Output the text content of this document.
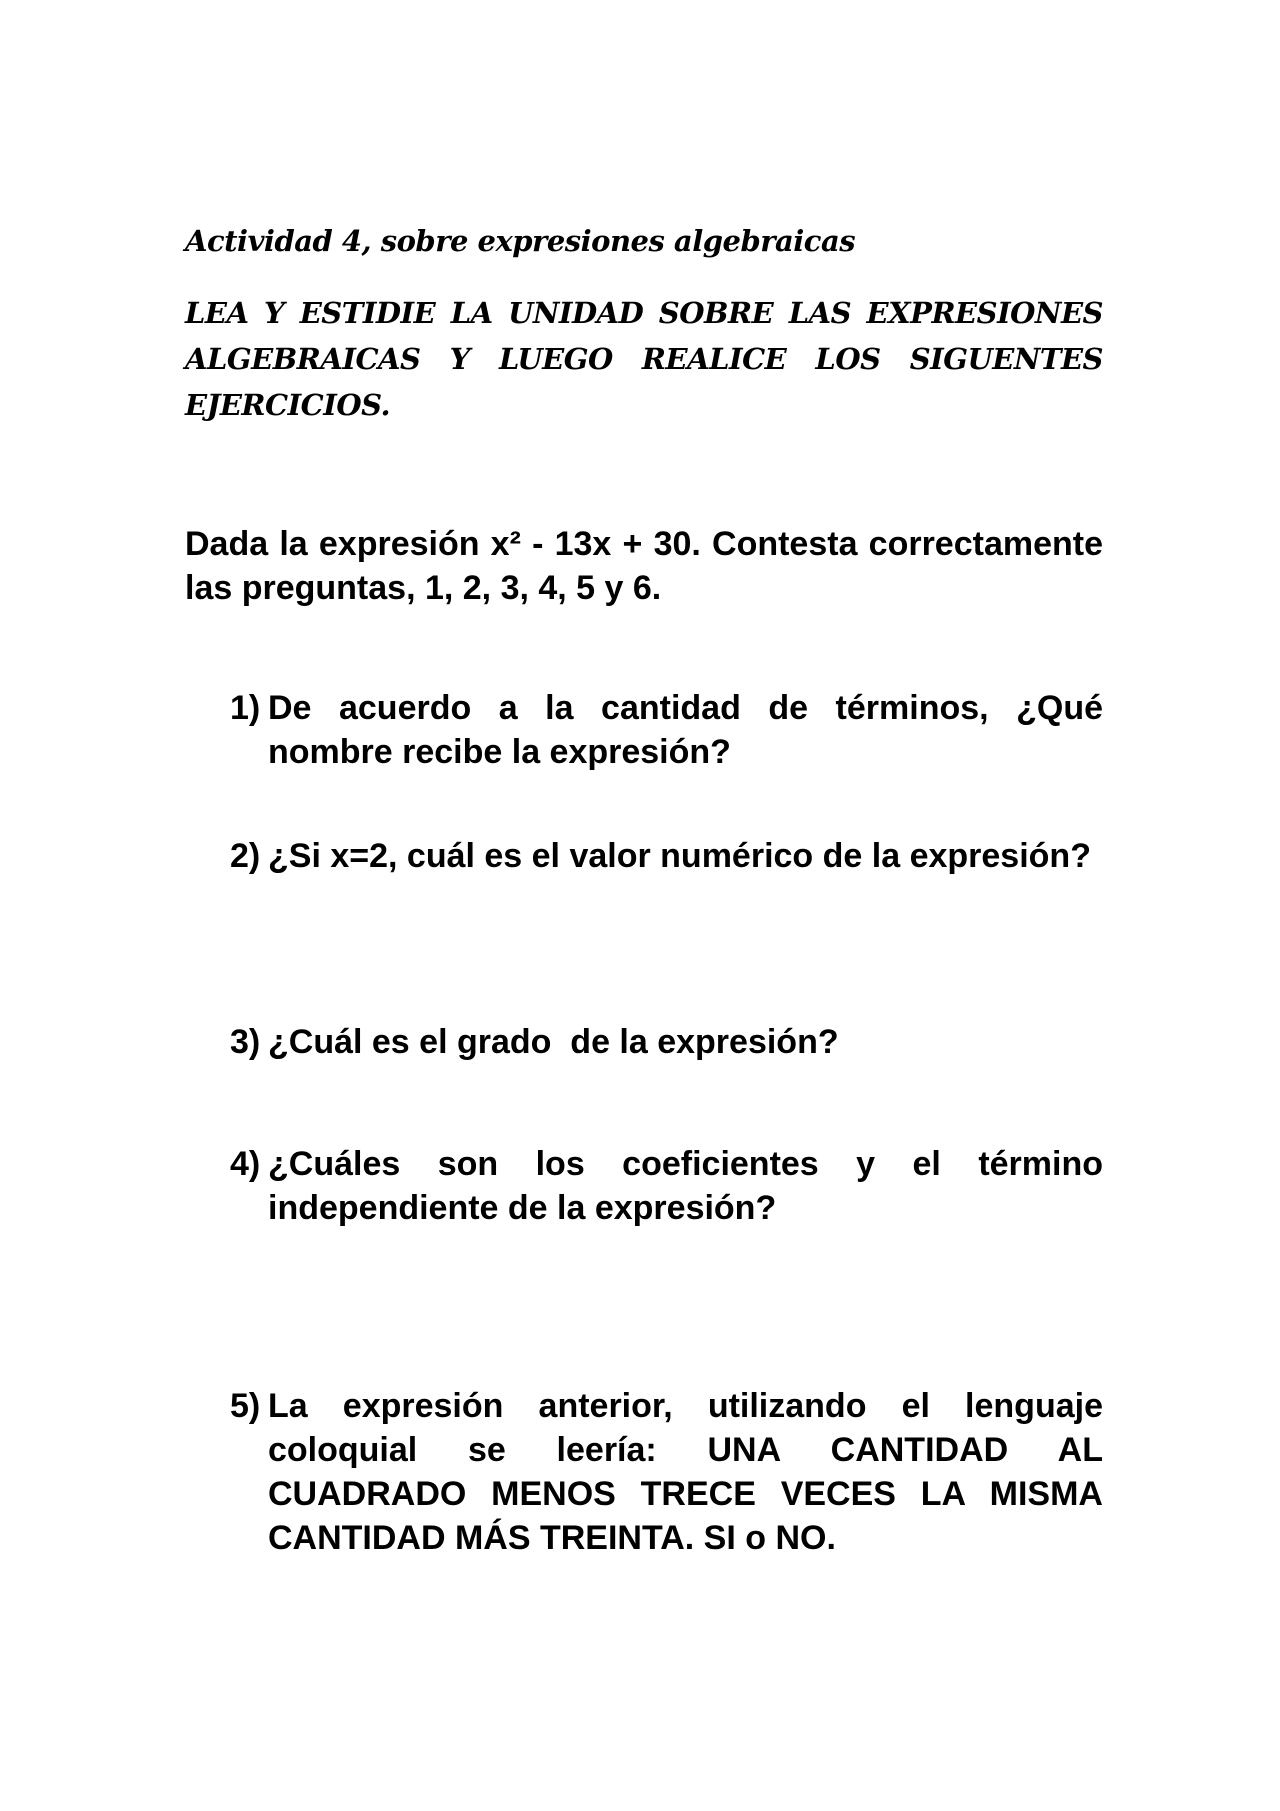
Actividad 4, sobre expresiones algebraicas
LEA Y ESTIDIE LA UNIDAD SOBRE LAS EXPRESIONES ALGEBRAICAS Y LUEGO REALICE LOS SIGUENTES EJERCICIOS.
Dada la expresión x² - 13x + 30. Contesta correctamente las preguntas, 1, 2, 3, 4, 5 y 6.
1) De acuerdo a la cantidad de términos, ¿Qué nombre recibe la expresión?
2) ¿Si x=2, cuál es el valor numérico de la expresión?
3) ¿Cuál es el grado  de la expresión?
4) ¿Cuáles son los coeficientes y el término independiente de la expresión?
5) La expresión anterior, utilizando el lenguaje coloquial se leería: UNA CANTIDAD AL CUADRADO MENOS TRECE VECES LA MISMA CANTIDAD MÁS TREINTA. SI o NO.
